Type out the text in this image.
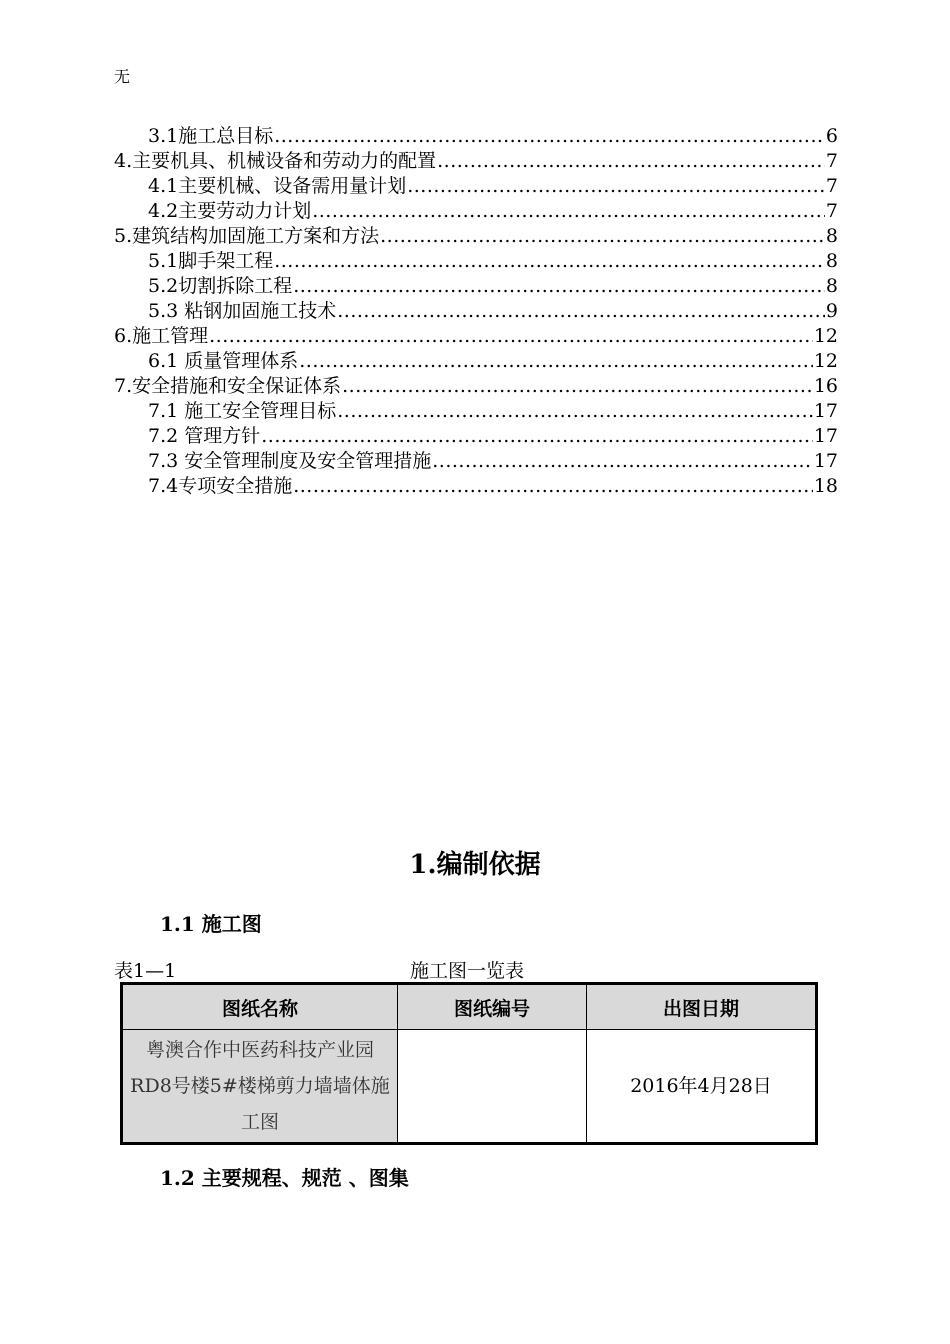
无
3.1施工总目标 .....	6
4.主要机具、机械设备和劳动力的配置 .....	7
4.1主要机械、设备需用量计划 .....	7
4.2主要劳动力计划 .....	7
5.建筑结构加固施工方案和方法 .....	8
5.1脚手架工程 .....	8
5.2切割拆除工程 .....	8
5.3 粘钢加固施工技术 .....	9
6.施工管理 .....	12
6.1 质量管理体系 .....	12
7.安全措施和安全保证体系 .....	16
7.1 施工安全管理目标 .....	17
7.2 管理方针 .....	17
7.3 安全管理制度及安全管理措施 .....	17
7.4专项安全措施 .....	18
1.编制依据
1.1 施工图
表1—1	施工图一览表
图纸名称	图纸编号	出图日期
粤澳合作中医药科技产业园RD8号楼5#楼梯剪力墙墙体施工图		2016年4月28日
1.2 主要规程、规范 、图集
